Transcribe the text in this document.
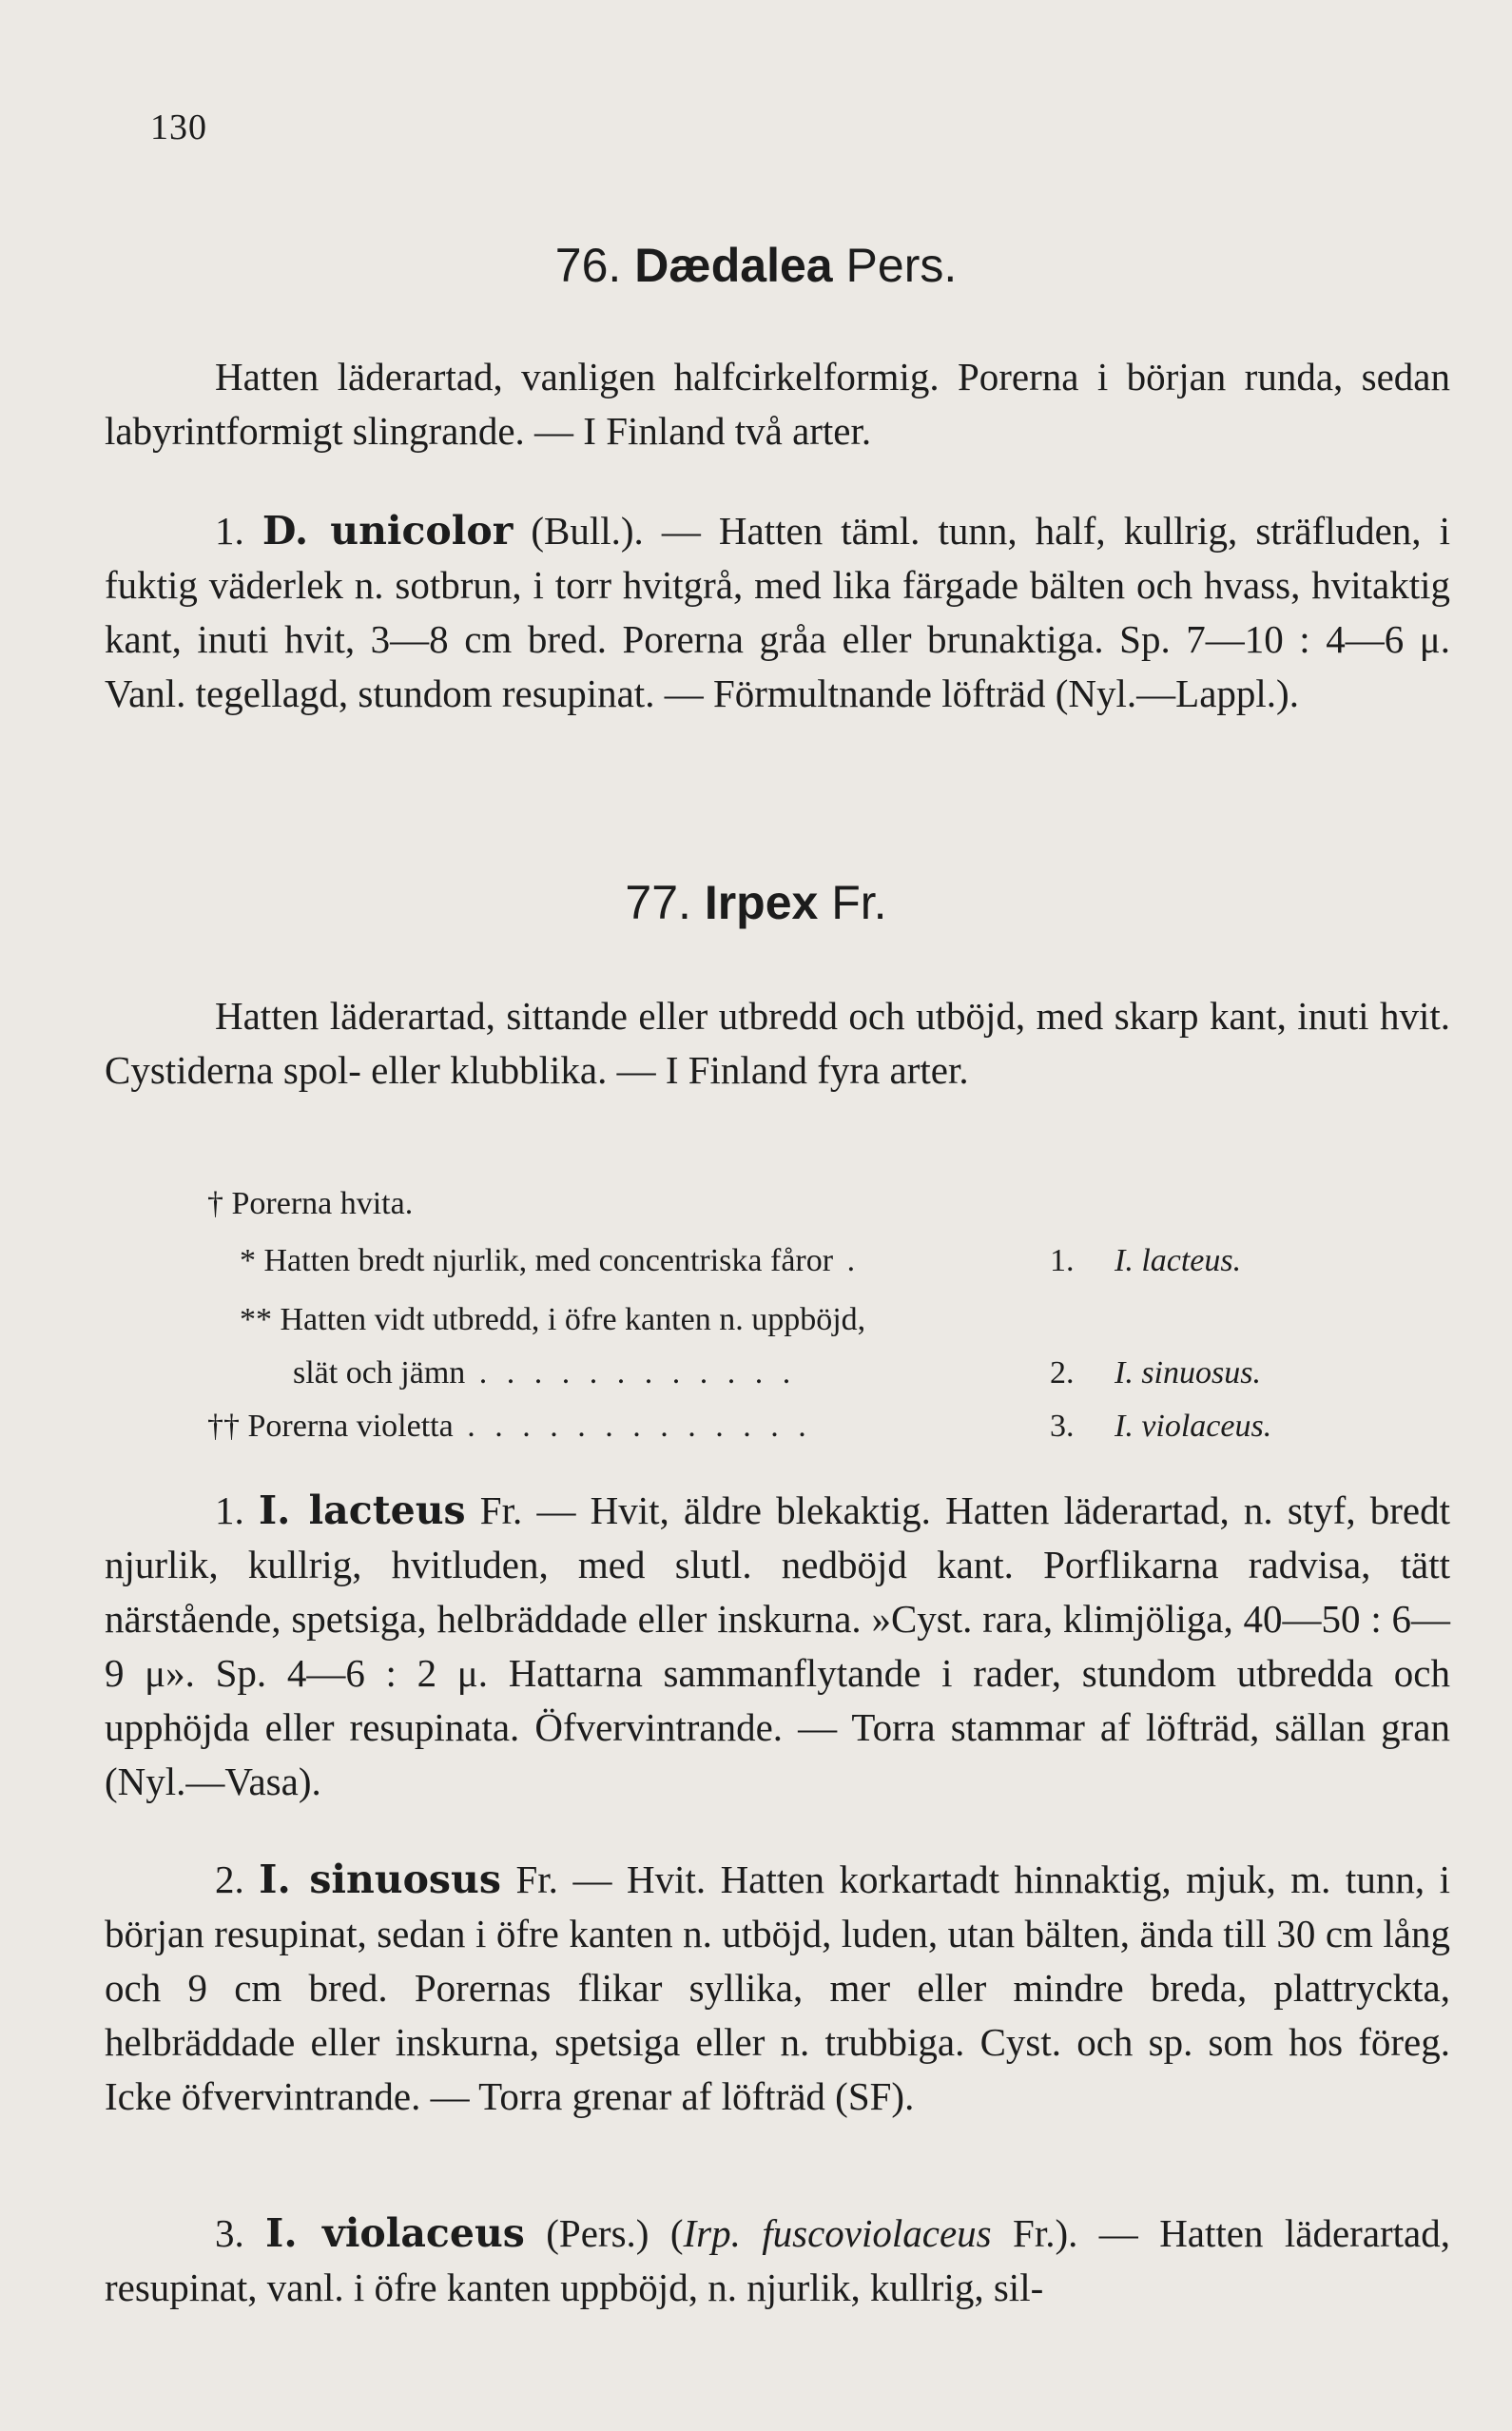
130
76. Dædalea Pers.
Hatten läderartad, vanligen halfcirkelformig. Porerna i början runda, sedan labyrintformigt slingrande. — I Finland två arter.
1. D. unicolor (Bull.). — Hatten täml. tunn, half, kullrig, sträfluden, i fuktig väderlek n. sotbrun, i torr hvitgrå, med lika färgade bälten och hvass, hvitaktig kant, inuti hvit, 3—8 cm bred. Porerna gråa eller brunaktiga. Sp. 7—10 : 4—6 μ. Vanl. tegellagd, stundom resupinat. — Förmultnande löfträd (Nyl.—Lappl.).
77. Irpex Fr.
Hatten läderartad, sittande eller utbredd och utböjd, med skarp kant, inuti hvit. Cystiderna spol- eller klubblika. — I Finland fyra arter.
† Porerna hvita.
* Hatten bredt njurlik, med concentriska fåror .	1. I. lacteus.
** Hatten vidt utbredd, i öfre kanten n. uppböjd,
slät och jämn . . . . . . . . . . . .	2. I. sinuosus.
†† Porerna violetta . . . . . . . . . . . . .	3. I. violaceus.
1. I. lacteus Fr. — Hvit, äldre blekaktig. Hatten läderartad, n. styf, bredt njurlik, kullrig, hvitluden, med slutl. nedböjd kant. Porflikarna radvisa, tätt närstående, spetsiga, helbräddade eller inskurna. »Cyst. rara, klimjöliga, 40—50 : 6—9 μ». Sp. 4—6 : 2 μ. Hattarna sammanflytande i rader, stundom utbredda och upphöjda eller resupinata. Öfvervintrande. — Torra stammar af löfträd, sällan gran (Nyl.—Vasa).
2. I. sinuosus Fr. — Hvit. Hatten korkartadt hinnaktig, mjuk, m. tunn, i början resupinat, sedan i öfre kanten n. utböjd, luden, utan bälten, ända till 30 cm lång och 9 cm bred. Porernas flikar syllika, mer eller mindre breda, plattryckta, helbräddade eller inskurna, spetsiga eller n. trubbiga. Cyst. och sp. som hos föreg. Icke öfvervintrande. — Torra grenar af löfträd (SF).
3. I. violaceus (Pers.) (Irp. fuscoviolaceus Fr.). — Hatten läderartad, resupinat, vanl. i öfre kanten uppböjd, n. njurlik, kullrig, sil-
